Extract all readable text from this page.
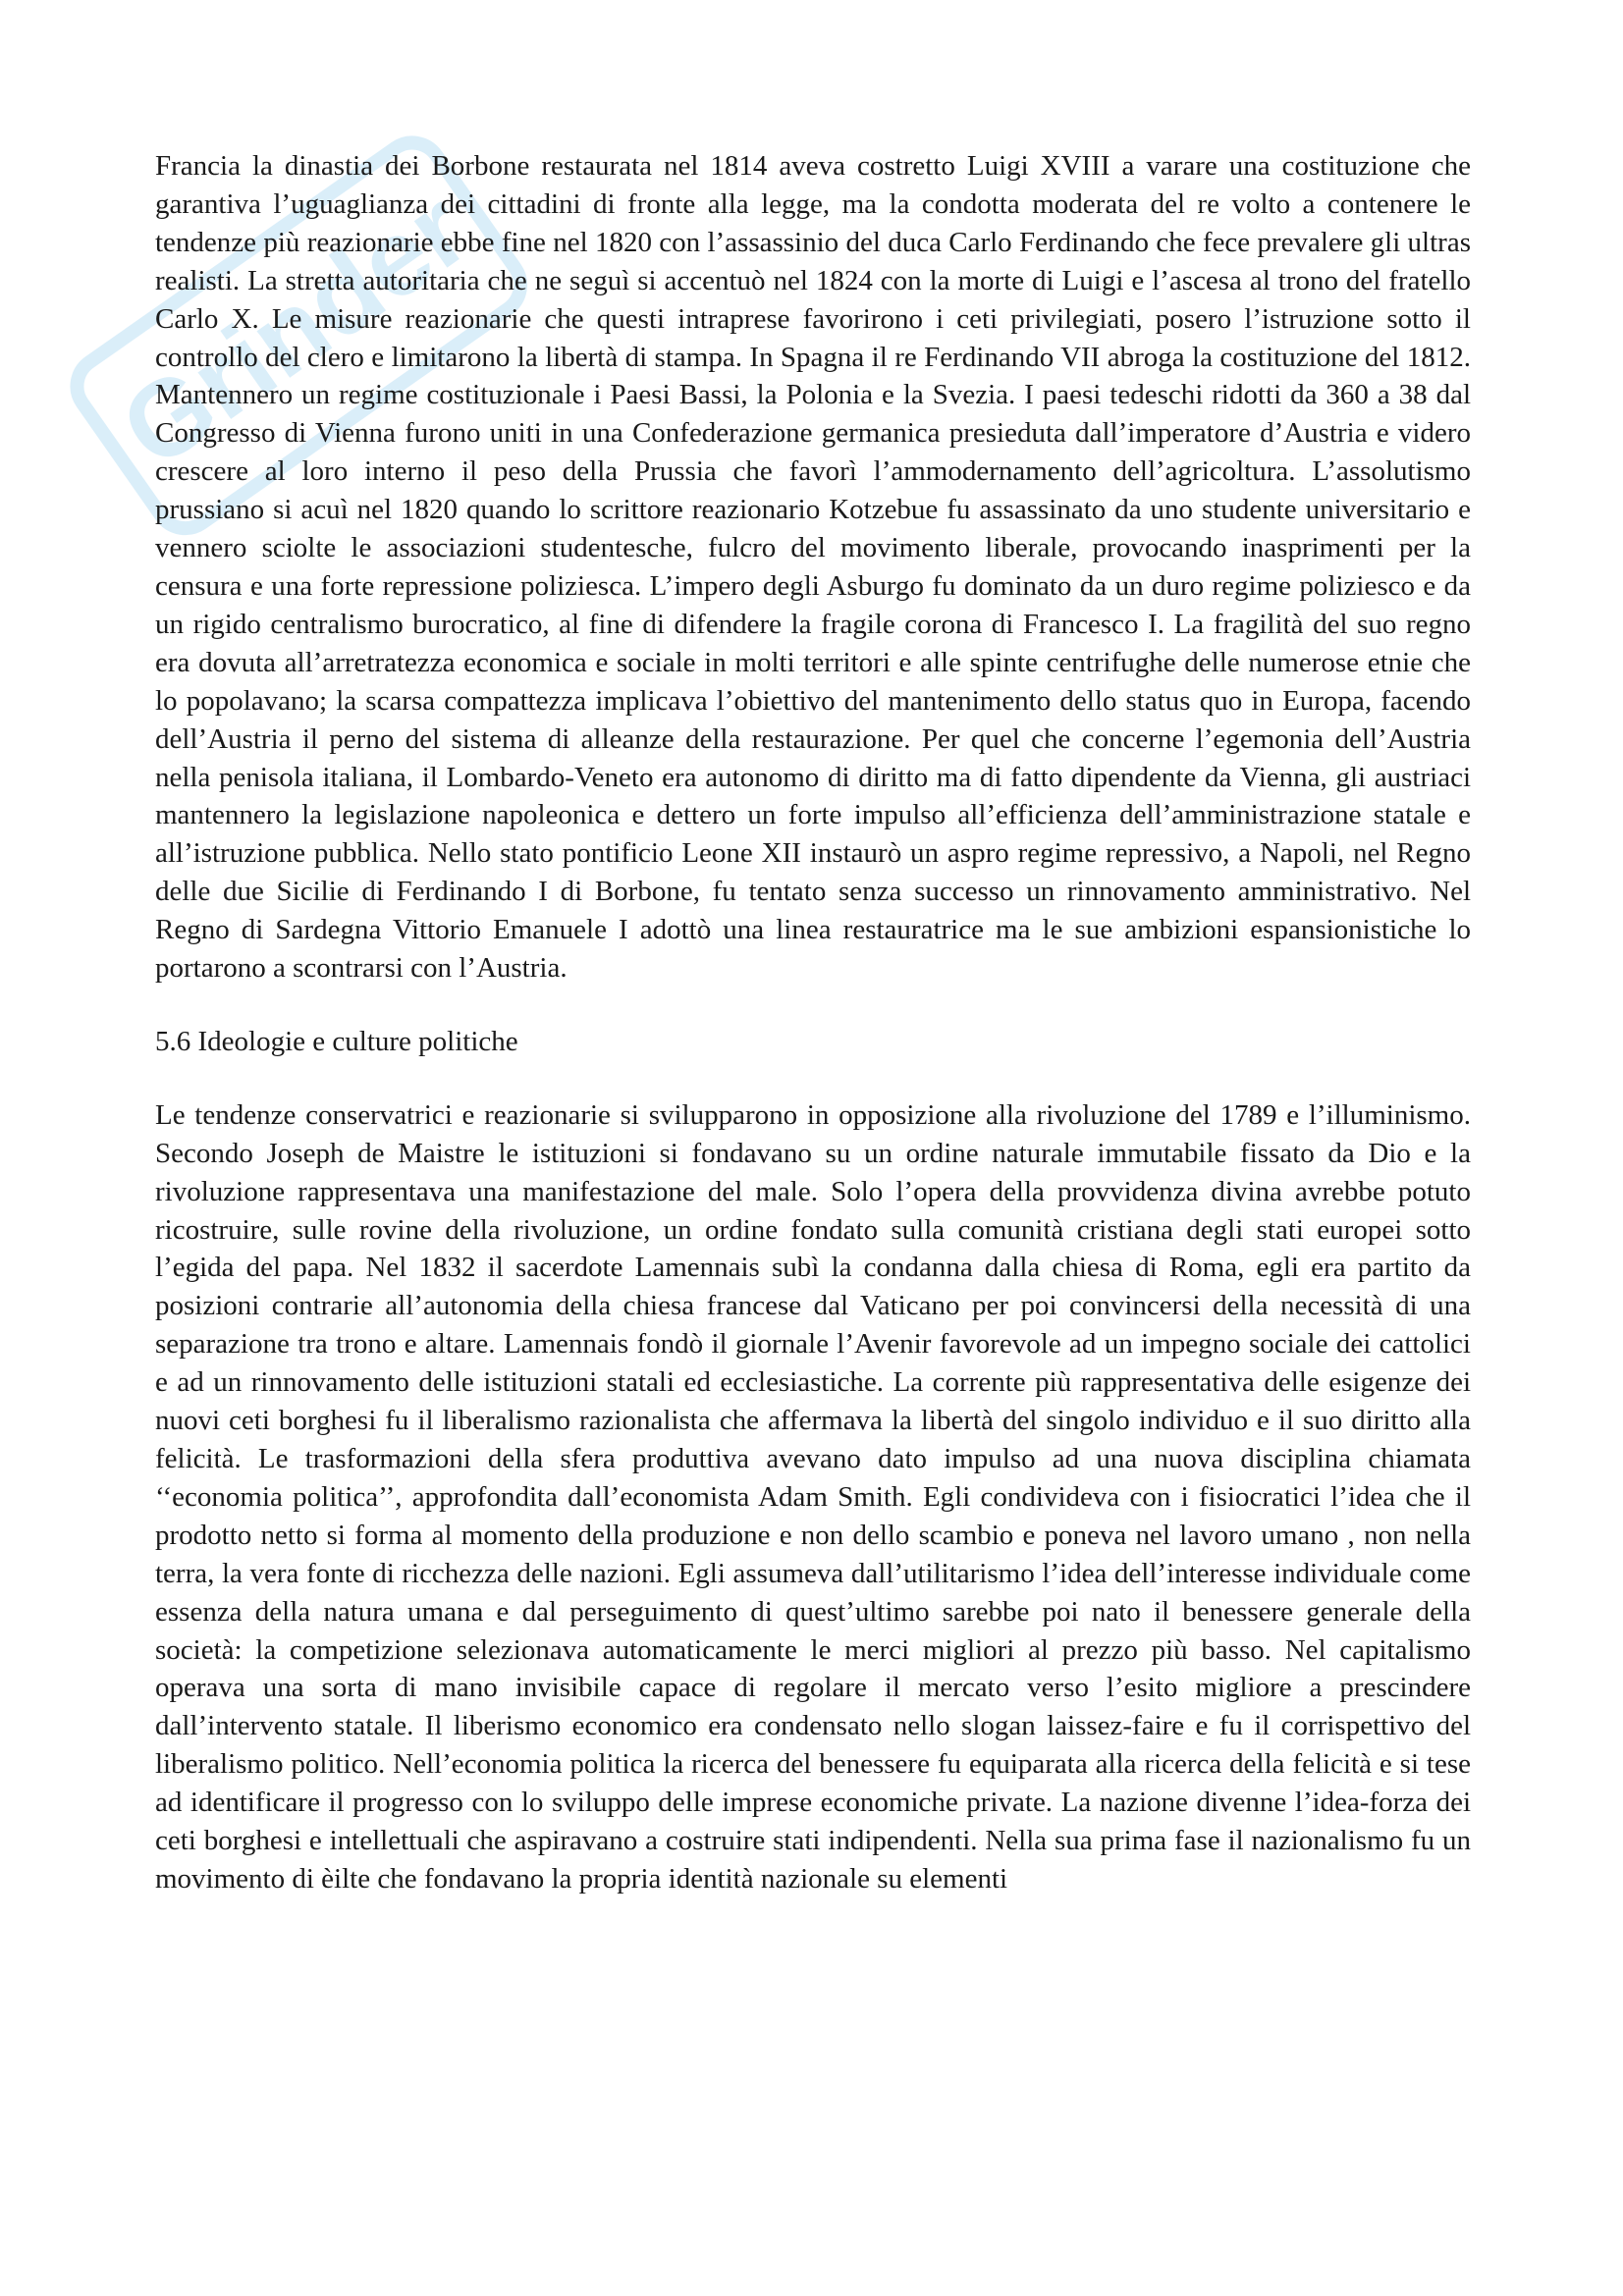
Grinder

Francia la dinastia dei Borbone restaurata nel 1814 aveva costretto Luigi XVIII a varare una costituzione che garantiva l’uguaglianza dei cittadini di fronte alla legge, ma la condotta moderata del re volto a contenere le tendenze più reazionarie ebbe fine nel 1820 con l’assassinio del duca Carlo Ferdinando che fece prevalere gli ultras realisti. La stretta autoritaria che ne seguì si accentuò nel 1824 con la morte di Luigi e l’ascesa al trono del fratello Carlo X. Le misure reazionarie che questi intraprese favorirono i ceti privilegiati, posero l’istruzione sotto il controllo del clero e limitarono la libertà di stampa. In Spagna il re Ferdinando VII abroga la costituzione del 1812. Mantennero un regime costituzionale i Paesi Bassi, la Polonia e la Svezia. I paesi tedeschi ridotti da 360 a 38 dal Congresso di Vienna furono uniti in una Confederazione germanica presieduta dall’imperatore d’Austria e videro crescere al loro interno il peso della Prussia che favorì l’ammodernamento dell’agricoltura. L’assolutismo prussiano si acuì nel 1820 quando lo scrittore reazionario Kotzebue fu assassinato da uno studente universitario e vennero sciolte le associazioni studentesche, fulcro del movimento liberale, provocando inasprimenti per la censura e una forte repressione poliziesca. L’impero degli Asburgo fu dominato da un duro regime poliziesco e da un rigido centralismo burocratico, al fine di difendere la fragile corona di Francesco I. La fragilità del suo regno era dovuta all’arretratezza economica e sociale in molti territori e alle spinte centrifughe delle numerose etnie che lo popolavano; la scarsa compattezza implicava l’obiettivo del mantenimento dello status quo in Europa, facendo dell’Austria il perno del sistema di alleanze della restaurazione. Per quel che concerne l’egemonia dell’Austria nella penisola italiana, il Lombardo-Veneto era autonomo di diritto ma di fatto dipendente da Vienna, gli austriaci mantennero la legislazione napoleonica e dettero un forte impulso all’efficienza dell’amministrazione statale e all’istruzione pubblica. Nello stato pontificio Leone XII instaurò un aspro regime repressivo, a Napoli, nel Regno delle due Sicilie di Ferdinando I di Borbone, fu tentato senza successo un rinnovamento amministrativo. Nel Regno di Sardegna Vittorio Emanuele I adottò una linea restauratrice ma le sue ambizioni espansionistiche lo portarono a scontrarsi con l’Austria.

5.6 Ideologie e culture politiche

Le tendenze conservatrici e reazionarie si svilupparono in opposizione alla rivoluzione del 1789 e l’illuminismo. Secondo Joseph de Maistre le istituzioni si fondavano su un ordine naturale immutabile fissato da Dio e la rivoluzione rappresentava una manifestazione del male. Solo l’opera della provvidenza divina avrebbe potuto ricostruire, sulle rovine della rivoluzione, un ordine fondato sulla comunità cristiana degli stati europei sotto l’egida del papa. Nel 1832 il sacerdote Lamennais subì la condanna dalla chiesa di Roma, egli era partito da posizioni contrarie all’autonomia della chiesa francese dal Vaticano per poi convincersi della necessità di una separazione tra trono e altare. Lamennais fondò il giornale l’Avenir favorevole ad un impegno sociale dei cattolici e ad un rinnovamento delle istituzioni statali ed ecclesiastiche. La corrente più rappresentativa delle esigenze dei nuovi ceti borghesi fu il liberalismo razionalista che affermava la libertà del singolo individuo e il suo diritto alla felicità. Le trasformazioni della sfera produttiva avevano dato impulso ad una nuova disciplina chiamata ‘‘economia politica’’, approfondita dall’economista Adam Smith. Egli condivideva con i fisiocratici l’idea che il prodotto netto si forma al momento della produzione e non dello scambio e poneva nel lavoro umano , non nella terra, la vera fonte di ricchezza delle nazioni. Egli assumeva dall’utilitarismo l’idea dell’interesse individuale come essenza della natura umana e dal perseguimento di quest’ultimo sarebbe poi nato il benessere generale della società: la competizione selezionava automaticamente le merci migliori al prezzo più basso. Nel capitalismo operava una sorta di mano invisibile capace di regolare il mercato verso l’esito migliore a prescindere dall’intervento statale. Il liberismo economico era condensato nello slogan laissez-faire e fu il corrispettivo del liberalismo politico. Nell’economia politica la ricerca del benessere fu equiparata alla ricerca della felicità e si tese ad identificare il progresso con lo sviluppo delle imprese economiche private. La nazione divenne l’idea-forza dei ceti borghesi e intellettuali che aspiravano a costruire stati indipendenti. Nella sua prima fase il nazionalismo fu un movimento di èilte che fondavano la propria identità nazionale su elementi
